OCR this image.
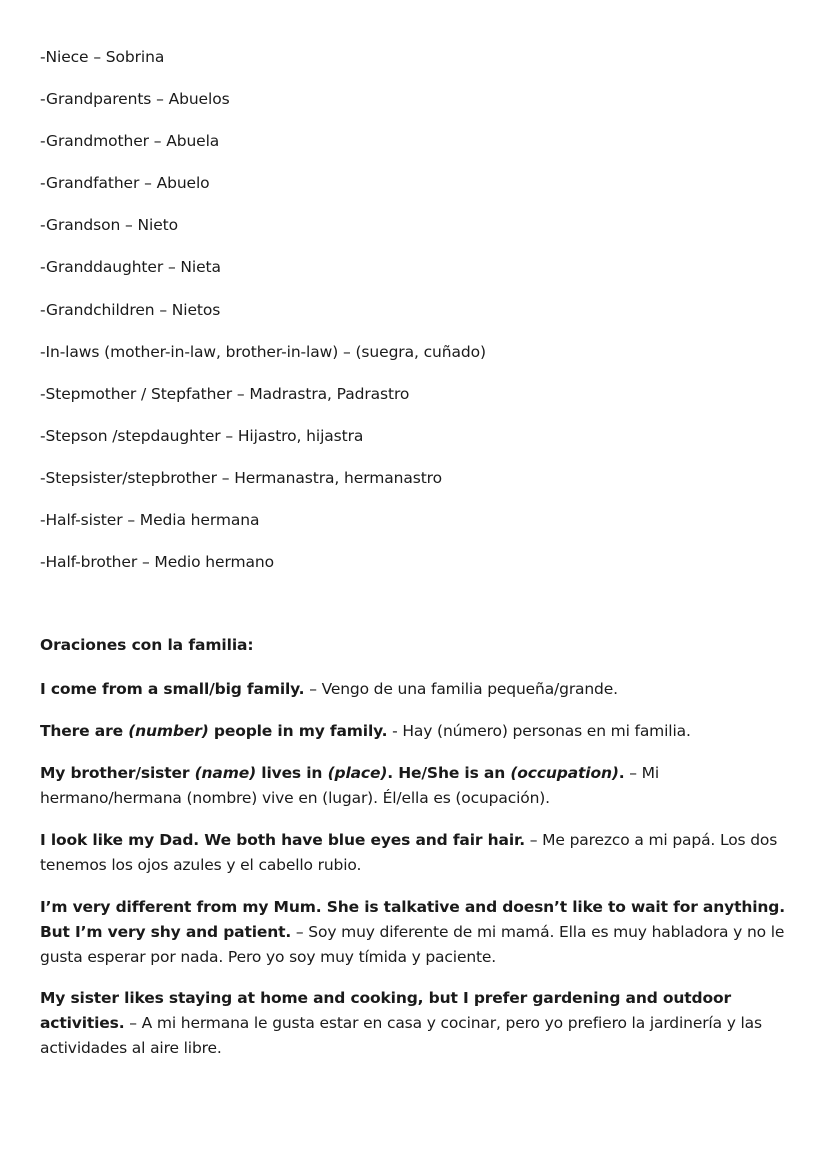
-Niece – Sobrina
-Grandparents – Abuelos
-Grandmother – Abuela
-Grandfather – Abuelo
-Grandson – Nieto
-Granddaughter – Nieta
-Grandchildren – Nietos
-In-laws (mother-in-law, brother-in-law) – (suegra, cuñado)
-Stepmother / Stepfather – Madrastra, Padrastro
-Stepson /stepdaughter – Hijastro, hijastra
-Stepsister/stepbrother – Hermanastra, hermanastro
-Half-sister – Media hermana
-Half-brother – Medio hermano
Oraciones con la familia:

I come from a small/big family. – Vengo de una familia pequeña/grande.

There are (number) people in my family. - Hay (número) personas en mi familia.

My brother/sister (name) lives in (place). He/She is an (occupation). – Mi hermano/hermana (nombre) vive en (lugar). Él/ella es (ocupación).

I look like my Dad. We both have blue eyes and fair hair. – Me parezco a mi papá. Los dos tenemos los ojos azules y el cabello rubio.

I’m very different from my Mum. She is talkative and doesn’t like to wait for anything. But I’m very shy and patient. – Soy muy diferente de mi mamá. Ella es muy habladora y no le gusta esperar por nada. Pero yo soy muy tímida y paciente.

My sister likes staying at home and cooking, but I prefer gardening and outdoor activities. – A mi hermana le gusta estar en casa y cocinar, pero yo prefiero la jardinería y las actividades al aire libre.
